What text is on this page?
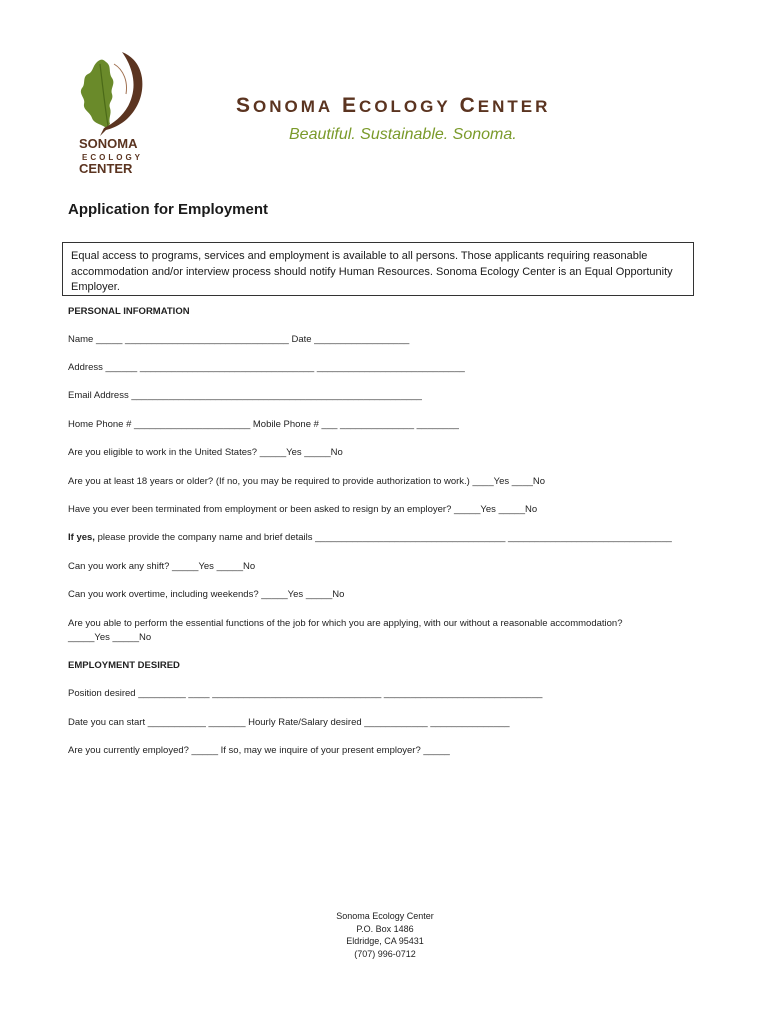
SONOMA
ECOLOGY
CENTER
SONOMA ECOLOGY CENTER
Beautiful. Sustainable. Sonoma.
Application for Employment
Equal access to programs, services and employment is available to all persons. Those applicants requiring reasonable accommodation and/or interview process should notify Human Resources. Sonoma Ecology Center is an Equal Opportunity Employer.
PERSONAL INFORMATION
Name _____ _______________________________ Date __________________
Address ______ _________________________________ ____________________________
Email Address _______________________________________________________
Home Phone # ______________________ Mobile Phone # ___ ______________ ________
Are you eligible to work in the United States? _____Yes _____No
Are you at least 18 years or older? (If no, you may be required to provide authorization to work.) ____Yes ____No
Have you ever been terminated from employment or been asked to resign by an employer? _____Yes _____No
If yes, please provide the company name and brief details ____________________________________ _______________________________
Can you work any shift? _____Yes _____No
Can you work overtime, including weekends? _____Yes _____No
Are you able to perform the essential functions of the job for which you are applying, with our without a reasonable accommodation?
_____Yes _____No
EMPLOYMENT DESIRED
Position desired _________ ____ ________________________________ ______________________________
Date you can start ___________ _______ Hourly Rate/Salary desired ____________ _______________
Are you currently employed? _____ If so, may we inquire of your present employer? _____
Sonoma Ecology Center
P.O. Box 1486
Eldridge, CA 95431
(707) 996-0712
